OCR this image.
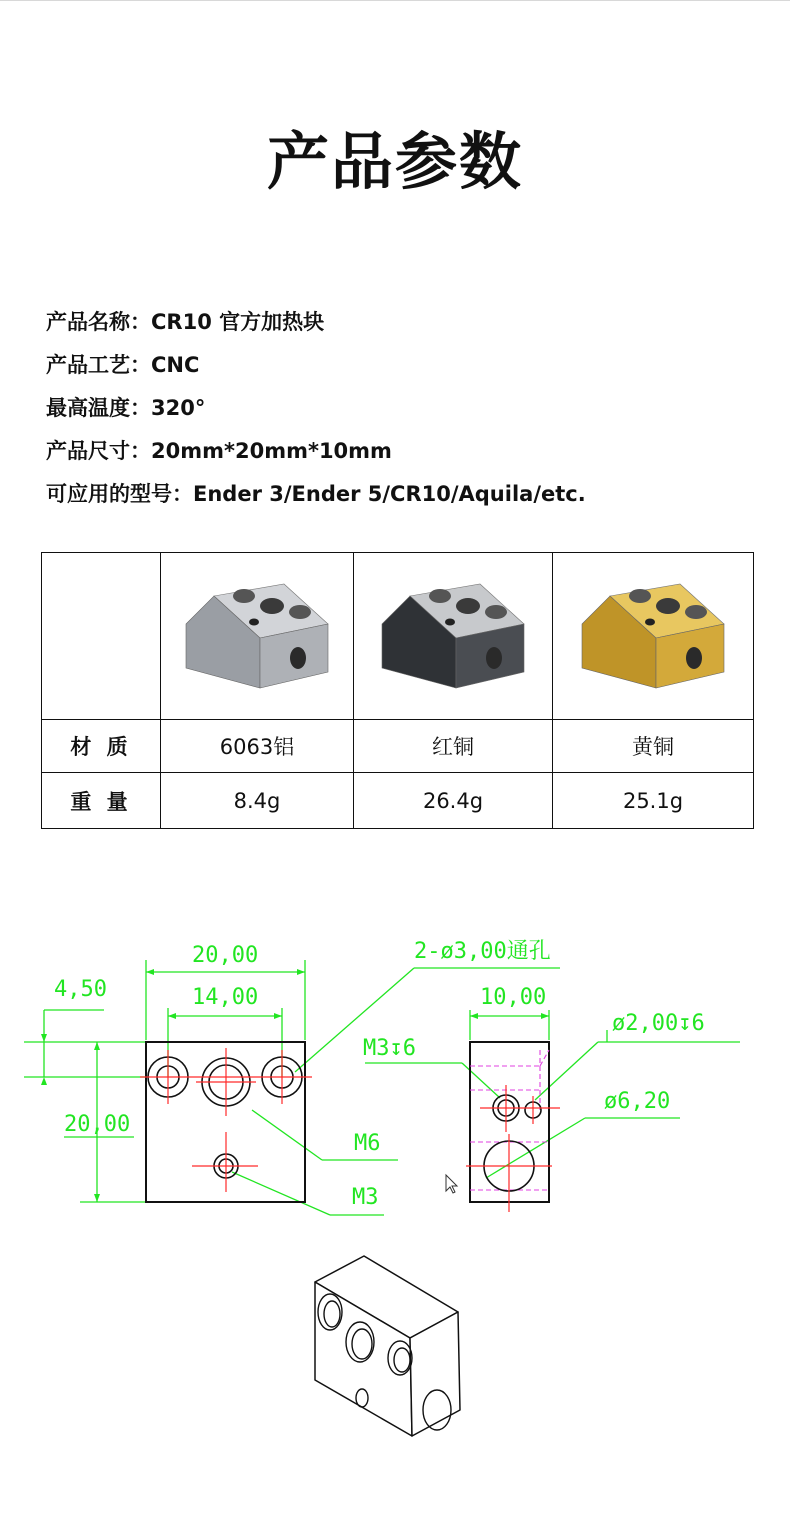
产品参数
产品名称：CR10 官方加热块
产品工艺：CNC
最高温度：320°
产品尺寸：20mm*20mm*10mm
可应用的型号：Ender 3/Ender 5/CR10/Aquila/etc.

材 质	6063铝	红铜	黄铜
重 量	8.4g	26.4g	25.1g
20,00
14,00
4,50
20,00
2-ø3,00通孔
10,00
M3↧6
ø2,00↧6
ø6,20
M6
M3
